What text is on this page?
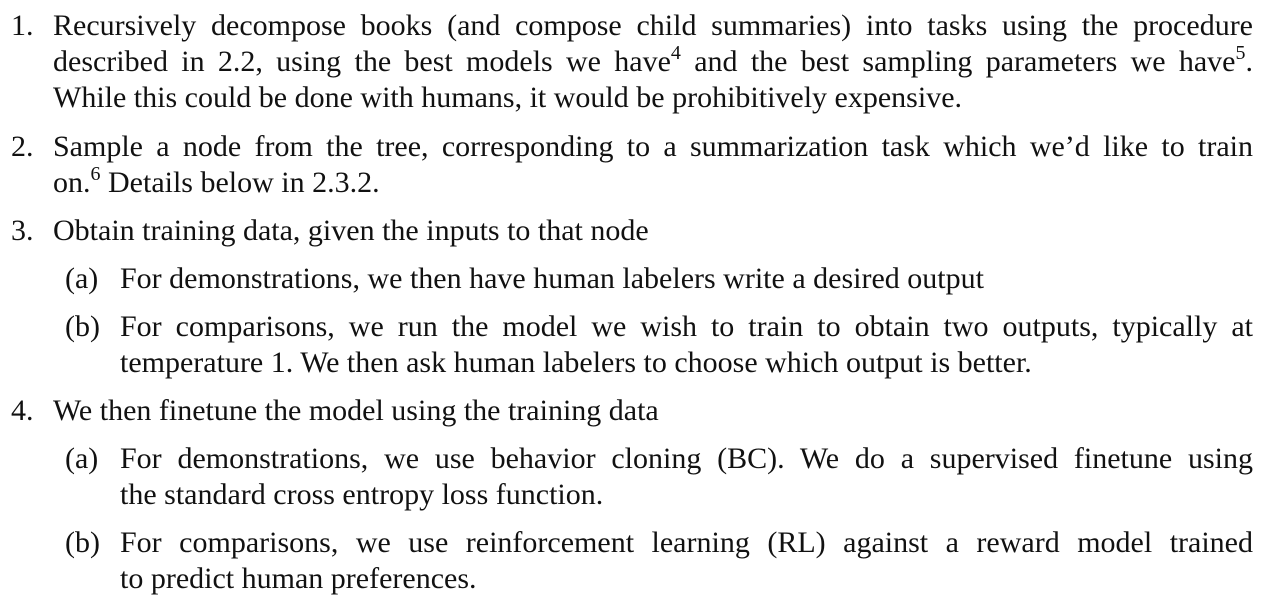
1. Recursively decompose books (and compose child summaries) into tasks using the procedure
described in 2.2, using the best models we have$^4$ and the best sampling parameters we have$^5$.
While this could be done with humans, it would be prohibitively expensive.
2. Sample a node from the tree, corresponding to a summarization task which we’d like to train
on.$^6$ Details below in 2.3.2.
3. Obtain training data, given the inputs to that node
(a) For demonstrations, we then have human labelers write a desired output
(b) For comparisons, we run the model we wish to train to obtain two outputs, typically at
temperature 1. We then ask human labelers to choose which output is better.
4. We then finetune the model using the training data
(a) For demonstrations, we use behavior cloning (BC). We do a supervised finetune using
the standard cross entropy loss function.
(b) For comparisons, we use reinforcement learning (RL) against a reward model trained
to predict human preferences.
